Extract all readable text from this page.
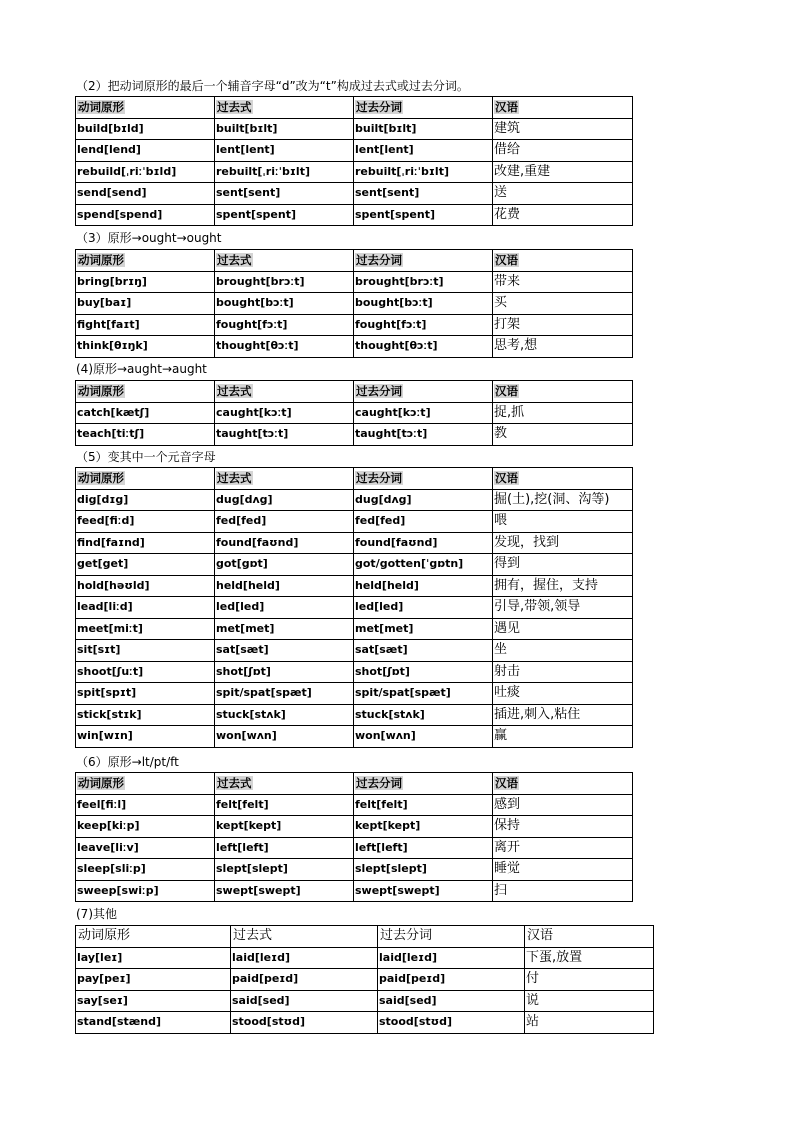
（2）把动词原形的最后一个辅音字母“d”改为“t”构成过去式或过去分词。
动词原形	过去式	过去分词	汉语
build[bɪld]	built[bɪlt]	built[bɪlt]	建筑
lend[lend]	lent[lent]	lent[lent]	借给
rebuild[ˌriːˈbɪld]	rebuilt[ˌriːˈbɪlt]	rebuilt[ˌriːˈbɪlt]	改建,重建
send[send]	sent[sent]	sent[sent]	送
spend[spend]	spent[spent]	spent[spent]	花费
（3）原形→ought→ought
动词原形	过去式	过去分词	汉语
bring[brɪŋ]	brought[brɔːt]	brought[brɔːt]	带来
buy[baɪ]	bought[bɔːt]	bought[bɔːt]	买
fight[faɪt]	fought[fɔːt]	fought[fɔːt]	打架
think[θɪŋk]	thought[θɔːt]	thought[θɔːt]	思考,想
(4)原形→aught→aught
动词原形	过去式	过去分词	汉语
catch[kætʃ]	caught[kɔːt]	caught[kɔːt]	捉,抓
teach[tiːtʃ]	taught[tɔːt]	taught[tɔːt]	教
（5）变其中一个元音字母
动词原形	过去式	过去分词	汉语
dig[dɪg]	dug[dʌg]	dug[dʌg]	掘(土),挖(洞、沟等)
feed[fiːd]	fed[fed]	fed[fed]	喂
find[faɪnd]	found[faʊnd]	found[faʊnd]	发现，找到
get[get]	got[gɒt]	got/gotten[ˈgɒtn]	得到
hold[həʊld]	held[held]	held[held]	拥有，握住，支持
lead[liːd]	led[led]	led[led]	引导,带领,领导
meet[miːt]	met[met]	met[met]	遇见
sit[sɪt]	sat[sæt]	sat[sæt]	坐
shoot[ʃuːt]	shot[ʃɒt]	shot[ʃɒt]	射击
spit[spɪt]	spit/spat[spæt]	spit/spat[spæt]	吐痰
stick[stɪk]	stuck[stʌk]	stuck[stʌk]	插进,刺入,粘住
win[wɪn]	won[wʌn]	won[wʌn]	赢
（6）原形→lt/pt/ft
动词原形	过去式	过去分词	汉语
feel[fiːl]	felt[felt]	felt[felt]	感到
keep[kiːp]	kept[kept]	kept[kept]	保持
leave[liːv]	left[left]	left[left]	离开
sleep[sliːp]	slept[slept]	slept[slept]	睡觉
sweep[swiːp]	swept[swept]	swept[swept]	扫
(7)其他
动词原形	过去式	过去分词	汉语
lay[leɪ]	laid[leɪd]	laid[leɪd]	下蛋,放置
pay[peɪ]	paid[peɪd]	paid[peɪd]	付
say[seɪ]	said[sed]	said[sed]	说
stand[stænd]	stood[stʊd]	stood[stʊd]	站
